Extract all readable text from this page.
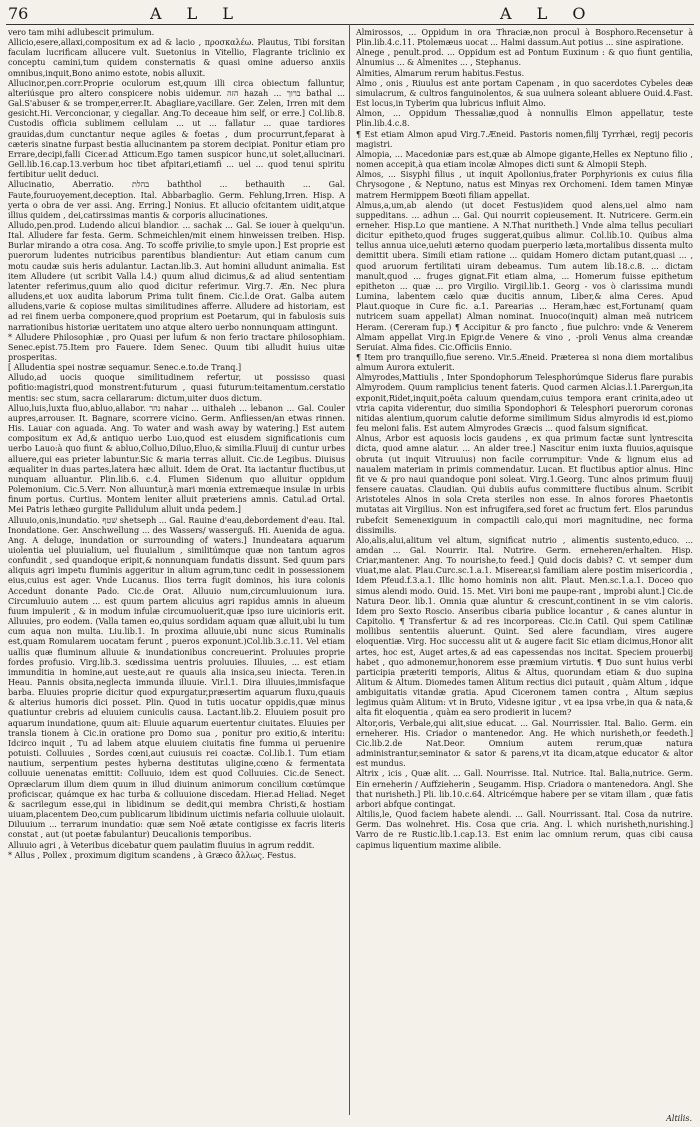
76	A L L	A L O

vero tam mihi adlubescit primulum.

Allicio,esere,allaxi,compositum ex ad & lacio , προσκαλέω. Plautus, Tibi forsitan faculam lucrificam allucere vult. Suetonius in Vitellio, Flagrante triclinio ex conceptu camini,tum quidem consternatis & quasi omine aduerso anxiis omnibus,inquit,Bono animo estote, nobis alluxit.

Allucinor,pen.corr.Proprie oculorum est,quum illi circa obiectum falluntur, alteriúsque pro altero conspicere nobis uidemur. הזה hazah ... ברוך bathal ... Gal.S'abuser & se tromper,errer.It. Abagliare,vacillare. Ger. Zelen, Irren mit dem gesicht.Hi. Verconcionar, y ciegallar. Ang.To deceaue him self, or erre.] Col.lib.8. Custodis officia sublimem cellulam ... ut ... fallatur ... quae tardiores grauidas,dum cunctantur neque agiles & foetas , dum procurrunt,feparat à cæteris sinatne furpast bestia allucinantem pa storem decipiat. Ponitur etiam pro Errare,decipi,falli Cicer.ad Atticum.Ego tamen suspicor hunc,ut solet,allucinari. Gell.lib.16.cap.13.verbum hoc tibet afpitari,etiamfi ... uel ... quod tenui spiritu fertibitur uelit deduci.

Allucinatio, Aberratio. בהלת baththol ... bethauith ... Gal. Faute,fouruoyement,deception. Ital. Abbarbaglio. Germ. Fehlung,Irren. Hisp. A yerta o obra de ver assi. Ang. Erring.] Nonius. Et allucio ofcitantem uidit,atque illius quidem , dei,catirssimas mantis & corporis allucinationes.

Alludo,pen.prod. Ludendo alicui blandior. ... sachak ... Gal. Se iouer à quelqu'un. Ital. Alludere far festa. Germ. Schmeichlen/mit einem hinweissen treiben. Hisp. Burlar mirando a otra cosa. Ang. To scoffe privilie,to smyle upon.] Est proprie est puerorum ludentes nutricibus parentibus blandientur: Aut etiam canum cum motu caudæ suis heris adulantur. Lactan.lib.3. Aut homini alludunt animalia. Est item Alludere (ut scribit Valla l.4.) quum aliud dicimus,& ad aliud sententiam latenter referimus,quum alio quod dicitur referimur. Virg.7. Æn. Nec plura alludens,et uox audita laborum Prima tulit finem. Cic.l.de Orat. Galba autem alludens,varie & copiose multas similitudines afferre. Alludere ad historiam, est ad rei finem uerba componere,quod proprium est Poetarum, qui in fabulosis suis narrationibus historiæ ueritatem uno atque altero uerbo nonnunquam attingunt.

* Alludere Philosophiæ , pro Quasi per lufum & non ferio tractare philosophiam. Senec.epist.75.Item pro Fauere. Idem Senec. Quum tibi alludit huius uitæ prosperitas.

[ Alludentia spei nostræ sequamur. Senec.e.to.de Tranq.]

Alludo,ad uocis quoque similitudinem refertur, ut possisso quasi pofitio:magistri,quod monstrent:futurum , quasi futurum:teitamentum.cerstatio mentis: sec stum, sacra cellararum: dictum,uiter duos dictum.

Alluo,luis,luxta fluo,abluo,allabor. נהר nahar ... uithaleh ... lebanon ... Gal. Couler aupres,arrouser. It. Bagnare, scorrere vicino. Germ. Anfliessen/an etwas rinnen. His. Lauar con aguada. Ang. To water and wash away by watering.] Est autem compositum ex Ad,& antiquo uerbo Luo,quod est eiusdem significationis cum uerbo Lauo:à quo fiunt & abluo,Colluo,Diluo,Eluo,& similia.Fluuij di cuntur urbes alluere,qui eas prieter labuntur.Sic & maria terras alluit. Cic.de Legibus. Diuisus æqualiter in duas partes,latera hæc alluit. Idem de Orat. Ita iactantur fluctibus,ut nunquam alluantur. Plin.lib.6. c.4. Flumen Sidenum quo alluitur oppidum Polemonium. Cic.5.Verr. Non alluuntur,à mari mœnia extremæque insulæ in urbis finum portus. Curtius. Montem leniter alluit præteriens amnis. Catul.ad Ortal. Mei Patris lethæo gurgite Pallidulum alluit unda pedem.]

Alluuio,onis,inundatio. שׁטף shetseph ... Gal. Rauine d'eau,debordement d'eau. Ital. Inondatione. Ger. Anschwellung ... des Wassers/ wasserguß. Hi. Auenida de agua. Ang. A deluge, inundation or surrounding of waters.] Inundeatara aquarum uiolentia uel pluuialium, uel fluuialium , similitúmque quæ non tantum agros confundit , sed quandoque eripit,& nonnunquam fundatis dissunt. Sed quum pars aliquis agri impetu fluminis aggeritur in alium agrum,tunc cedit in possessionem eius,cuius est ager. Vnde Lucanus. Ilios terra fugit dominos, his iura colonis Accedunt donante Pado. Cic.de Orat. Alluuio num,circumluuionum iura. Circumluuio autem ... est quum partem alicuius agri rapidus amnis in alueum fuum impulerit , & in modum infulæ circumuoluerit,quæ ipso iure uicinioris erit. Alluuies, pro eodem. (Valla tamen eo,quius sordidam aquam quæ alluit,ubi lu tum cum aqua non multa. Liu.lib.1. In proxima alluuie,ubi nunc sicus Ruminalis est,quam Romularem uocatam ferunt , pueros exponunt.)Col.lib.3.c.11. Vel etiam uallis quæ fluminum alluuie & inundationibus concreuerint. Proluuies proprie fordes profusio. Virg.lib.3. sœdissima uentris proluuies. Illuuies, ... est etiam immunditia in homine,aut ueste,aut re quauis alia insica,seu iniecta. Teren.in Heau. Pannis obsita,neglecta immunda illuuie. Vir.l.1. Dira illuuies,immisfaque barba. Eluuies proprie dicitur quod expurgatur,præsertim aquarum fluxu,quauis & alterius humoris dici posset. Plin. Quod in tutis uocatur oppidis,quæ minus quatiuntur crebris ad eluuiem cuniculis causa. Lactant.lib.2. Eluuiem posuit pro aquarum inundatione, quum ait: Eluuie aquarum euertentur ciuitates. Eluuies per transla tionem à Cic.in oratione pro Domo sua , ponitur pro exitio,& interitu: Idcirco inquit , Tu ad labem atque eluuiem ciuitatis fine fumma ui peruenire potuisti. Colluuies , Sordes cœni,aut cuiusuis rei coactæ. Col.lib.1. Tum etiam nautium, serpentium pestes hyberna destitutas uligine,cœno & fermentata colluuie uenenatas emittit: Colluuio, idem est quod Colluuies. Cic.de Senect. Opræclarum illum diem quum in illud diuinum animorum concilium cœtúmque proficiscar, quámque ex hac turba & colluuione discedam. Hier.ad Heliad. Neget & sacrilegum esse,qui in libidinum se dedit,qui membra Christi,& hostiam uiuam,placentem Deo,cum publicarum libidinum uictimis nefaria colluuie uiolauit. Diluuium ... terrarum inundatio: quæ sem Noë ætate contigisse ex facris literis constat , aut (ut poetæ fabulantur) Deucalionis temporibus.

Alluuio agri , à Veteribus dicebatur quem paulatim fluuius in agrum reddit.

* Allus , Pollex , proximum digitum scandens , à Græco ἄλλως. Festus.

Almirossos, ... Oppidum in ora Thraciæ,non procul à Bosphoro.Recensetur à Plin.lib.4.c.11. Ptolemæus uocat ... Halmi dassum.Aut potius ... sine aspiratione.

Alnege , penult.prod. ... Oppidum est ad Pontum Euxinum : & quo fiunt gentilia, Alnumius ... & Almenites ... , Stephanus.

Almities, Almarum rerum habitus.Festus.

Almo , onis , Riuulus est ante portam Capenam , in quo sacerdotes Cybeles deæ simulacrum, & cultros fanguinolentos, & sua uulnera soleant abluere Ouid.4.Fast. Est locus,in Tyberim qua lubricus influit Almo.

Almon, ... Oppidum Thessaliæ,quod à nonnullis Elmon appellatur, teste Plin.lib.4.c.8.

¶ Est etiam Almon apud Virg.7.Æneid. Pastoris nomen,filij Tyrrhæi, regij pecoris magistri.

Almopia, ... Macedoniæ pars est,quæ ab Almope gigante,Helles ex Neptuno filio , nomen accepit,à qua etiam incolæ Almopes dicti sunt & Almopii Steph.

Almos, ... Sisyphi filius , ut inquit Apollonius,frater Porphyrionis ex cuius filia Chrysogone , & Neptuno, natus est Minyas rex Orchomeni. Idem tamen Minyæ matrem Hermippem Bœoti filiam appellat.

Almus,a,um,ab alendo (ut docet Festus)idem quod alens,uel almo nam suppeditans. ... adhun ... Gal. Qui nourrit copieusement. It. Nutricere. Germ.ein erneher. Hisp.Lo que mantiene. A N.That nuritheth.] Vnde alma tellus peculiari dicitur epitheto,quod fruges suggerat,quibus alimur. Col.lib.10. Quibus alma tellus annua uice,ueluti æterno quodam puerperio læta,mortalibus dissenta multo demittit ubera. Simili etiam ratione ... quidam Homero dictam putant,quasi ... , quod aruorum fertilitati uiram debeamus. Tum autem lib.18.c.8. ... dictam manult,quod ... fruges gignat.Fit etiam alma, ... Homerum fuisse epithetum epitheton ... quæ ... pro Virgilio. Virgil.lib.1. Georg - vos ò clarissima mundi Lumina, labentem cælo quæ ducitis annum, Liber,& alma Ceres. Apud Plaut.quoque in Cure fic. a.1. Parearias ... Heram,hæc est,Fortunam( quam nutricem suam appellat) Alman nominat. Inuoco(inquit) alman meã nutricem Heram. (Cereram fup.) ¶ Accipitur & pro fancto , fiue pulchro: vnde & Venerem Almam appellat Virg.in Epigr.de Venere & vino , -proli Venus alma creandæ Seruiat. Alma fides. Cic.Officiis Ennio.

¶ Item pro tranquillo,fiue sereno. Vir.5.Æneid. Præterea si nona diem mortalibus almum Aurora extulerit.

Almyrodes,Mattiulis , Inter Spondophorum Telesphorúmque Siderus flare purabis Almyrodem. Quum ramplicius tenent fateris. Quod carmen Alcias.l.1.Parergωn,ita exponit,Ridet,inquit,poëta caluum quendam,cuius tempora erant crinita,adeo ut vtria capita viderentur, duo similia Spondophori & Telesphori puerorum coronas nitidas alentium,quorum calutie deforme similimum Sidus almyrodis id est,piomo feu meloni falis. Est autem Almyrodes Græcis ... quod falsum significat.

Alnus, Arbor est aquosis locis gaudens , ex qua primum factæ sunt lyntrescita dicta, quod amne alatur. ... An alder tree.] Nascitur enim iuxta fluuios,aquisque obruta (ut inquit Vitruuius) non facile corrumpitur: Vnde & lignum eius ad naualem materiam in primis commendatur. Lucan. Et fluctibus aptior alnus. Hinc fit ve & pro naui quandoque poni soleat. Virg.1.Georg. Tunc alnos primum fluuij fensere cauatas. Claudian. Qui dubiis aufus committere fluctibus alnum. Scribit Aristoteles Alnos in sola Creta steriles non esse. In alnos forores Phaetontis mutatas ait Virgilius. Non est infrugifera,sed foret ac fructum fert. Elos parundus rubefcit Semenexiguum in compactili calo,qui mori magnitudine, nec forma dissimilis.

Alo,alis,alui,alitum vel altum, significat nutrio , alimentis sustento,educo. ... amdan ... Gal. Nourrir. Ital. Nutrire. Germ. erneheren/erhalten. Hisp. Criar,mantener. Ang. To nourishe,to feed.] Quid docis dabis? C. vt semper dum viuat,me alat. Plau.Curc.sc.1.a.1. Miserear,si familiam alere postim misericordia , Idem Pfeud.f.3.a.1. Illic homo hominis non alit. Plaut. Men.sc.1.a.1. Doceo quo simus alendi modo. Ouid. 15. Met. Viri boni me paupe-rant , improbi alunt.] Cic.de Natura Deor. lib.1. Omnia quæ aluntur & crescunt,continent in se vim caloris. Idem pro Sexto Roscio. Anseribus cibaria publice locantur , & canes aluntur in Capitolio. ¶ Transfertur & ad res incorporeas. Cic.in Catil. Qui spem Catilinæ mollibus sententiis aluerunt. Quint. Sed alere facundiam, vires augere eloquentiæ. Virg. Hoc successu alit ut & augere facit Sic etiam dicimus,Honor alit artes, hoc est, Auget artes,& ad eas capessendas nos incitat. Speciem prouerbij habet , quo admonemur,honorem esse præmium virtutis. ¶ Duo sunt huius verbi participia præteriti temporis, Alitus & Altus, quorundam etiam & duo supina Alitum & Altum. Diomedes tamen Alitum rectius dici putauit , quàm Altum , idque ambiguitatis vitandæ gratia. Apud Ciceronem tamen contra , Altum sæpius legimus quàm Alitum: vt in Bruto, Videsne igitur , vt ea ipsa vrbe,in qua & nata,& alta fit eloquentia , quàm ea sero prodierit in lucem?

Altor,oris, Verbale,qui alit,siue educat. ... Gal. Nourrissier. Ital. Balio. Germ. ein erneherer. His. Criador o mantenedor. Ang. He which nurisheth,or feedeth.] Cic.lib.2.de Nat.Deor. Omnium autem rerum,quæ natura administrantur,seminator & sator & parens,vt ita dicam,atque educator & altor est mundus.

Altrix , icis , Quæ alit. ... Gall. Nourrisse. Ital. Nutrice. Ital. Balia,nutrice. Germ. Ein erneherin / Auffzieherin , Seugamm. Hisp. Criadora o mantenedora. Angl. She that nurisheth.] Pli. lib.10.c.64. Altricémque habere per se vitam illam , quæ fatis arbori abfque contingat.

Altilis,le, Quod faciem habete alendi. ... Gall. Nourrissant. Ital. Cosa da nutrire. Germ. Das wolnehret. His. Cosa que cria. Ang. l. which nurisheth,nurishing.] Varro de re Rustic.lib.1.cap.13. Est enim lac omnium rerum, quas cibi causa capimus liquentium maxime alibile.

Altilis.
